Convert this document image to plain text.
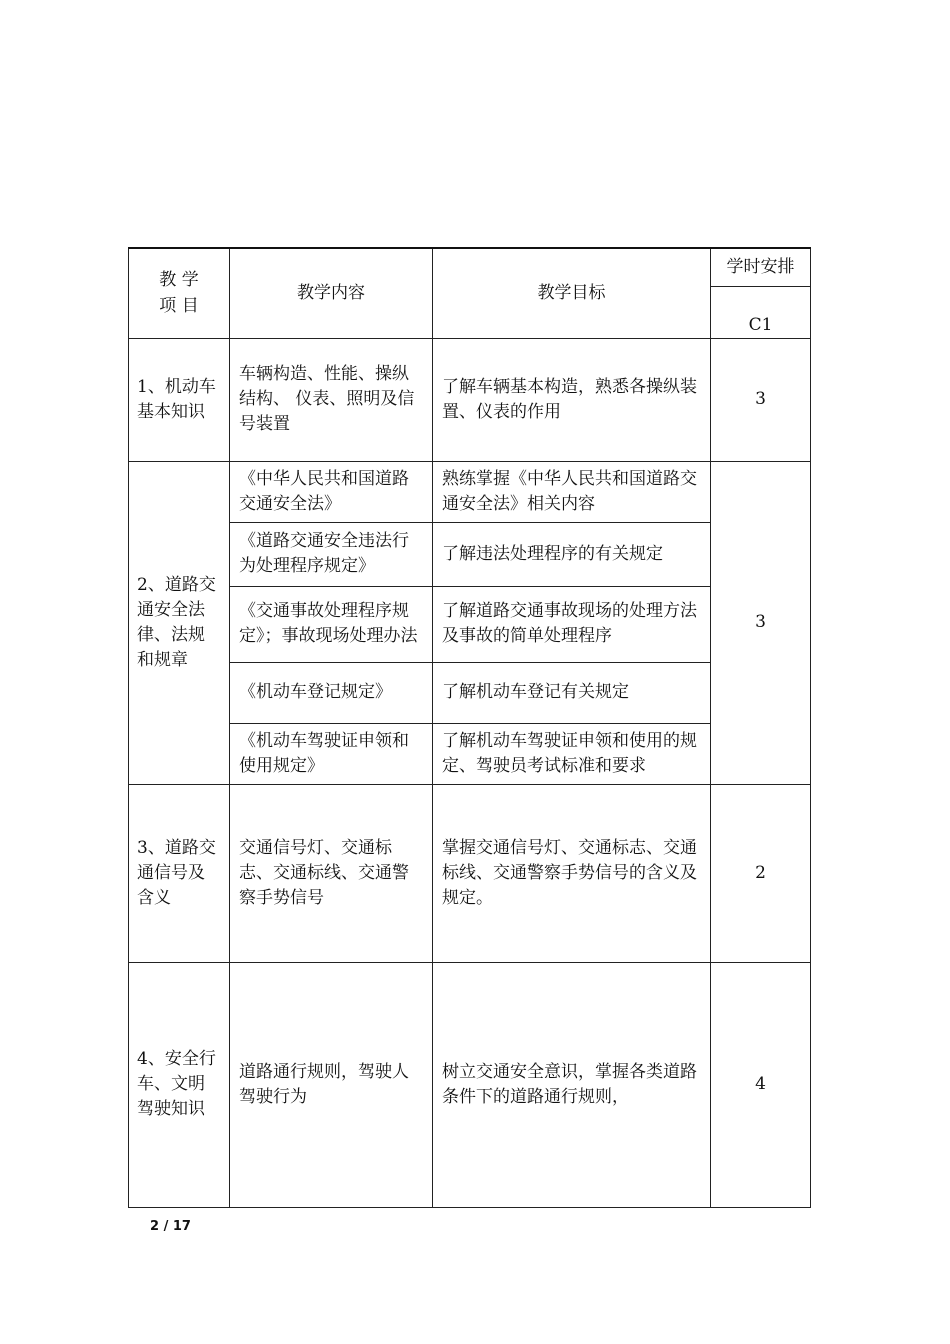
教 学
项 目	教学内容	教学目标	学时安排
			C1
1、机动车基本知识	车辆构造、性能、操纵结构、 仪表、照明及信号装置	了解车辆基本构造，熟悉各操纵装置、仪表的作用	3
2、道路交通安全法律、法规和规章	《中华人民共和国道路交通安全法》	熟练掌握《中华人民共和国道路交通安全法》相关内容	3
	《道路交通安全违法行为处理程序规定》	了解违法处理程序的有关规定	
	《交通事故处理程序规定》；事故现场处理办法	了解道路交通事故现场的处理方法及事故的简单处理程序	
	《机动车登记规定》	了解机动车登记有关规定	
	《机动车驾驶证申领和使用规定》	了解机动车驾驶证申领和使用的规定、驾驶员考试标准和要求	
3、道路交通信号及含义	交通信号灯、交通标志、交通标线、交通警察手势信号	掌握交通信号灯、交通标志、交通标线、交通警察手势信号的含义及规定。	2
4、安全行车、文明驾驶知识	道路通行规则，驾驶人驾驶行为	树立交通安全意识，掌握各类道路条件下的道路通行规则，	4
2 / 17
